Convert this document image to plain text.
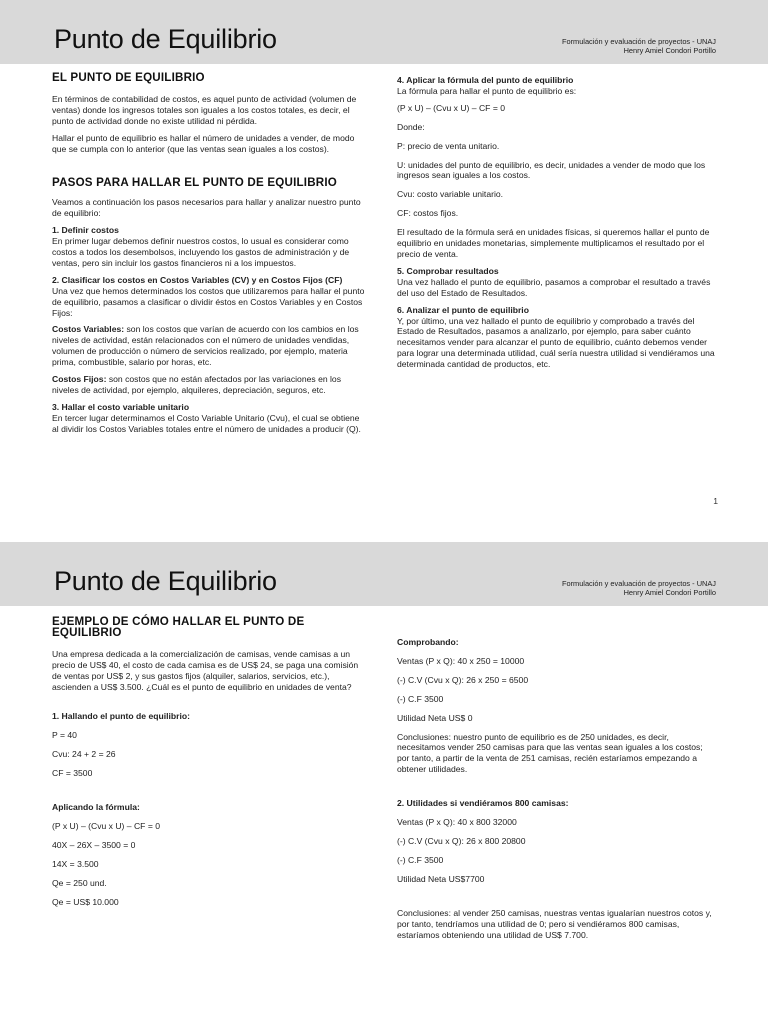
Punto de Equilibrio	Formulación y evaluación de proyectos - UNAJ
Henry Amiel Condori Portillo
EL PUNTO DE EQUILIBRIO

En términos de contabilidad de costos, es aquel punto de actividad (volumen de ventas) donde los ingresos totales son iguales a los costos totales, es decir, el punto de actividad donde no existe utilidad ni pérdida.

Hallar el punto de equilibrio es hallar el número de unidades a vender, de modo que se cumpla con lo anterior (que las ventas sean iguales a los costos).

PASOS PARA HALLAR EL PUNTO DE EQUILIBRIO

Veamos a continuación los pasos necesarios para hallar y analizar nuestro punto de equilibrio:

1. Definir costos

En primer lugar debemos definir nuestros costos, lo usual es considerar como costos a todos los desembolsos, incluyendo los gastos de administración y de ventas, pero sin incluir los gastos financieros ni a los impuestos.

2. Clasificar los costos en Costos Variables (CV) y en Costos Fijos (CF)

Una vez que hemos determinados los costos que utilizaremos para hallar el punto de equilibrio, pasamos a clasificar o dividir éstos en Costos Variables y en Costos Fijos:

Costos Variables: son los costos que varían de acuerdo con los cambios en los niveles de actividad, están relacionados con el número de unidades vendidas, volumen de producción o número de servicios realizado, por ejemplo, materia prima, combustible, salario por horas, etc.

Costos Fijos: son costos que no están afectados por las variaciones en los niveles de actividad, por ejemplo, alquileres, depreciación, seguros, etc.

3. Hallar el costo variable unitario

En tercer lugar determinamos el Costo Variable Unitario (Cvu), el cual se obtiene al dividir los Costos Variables totales entre el número de unidades a producir (Q).

4. Aplicar la fórmula del punto de equilibrio

La fórmula para hallar el punto de equilibrio es:

(P x U) – (Cvu x U) – CF = 0

Donde:

P: precio de venta unitario.

U: unidades del punto de equilibrio, es decir, unidades a vender de modo que los ingresos sean iguales a los costos.

Cvu: costo variable unitario.

CF: costos fijos.

El resultado de la fórmula será en unidades físicas, si queremos hallar el punto de equilibrio en unidades monetarias, simplemente multiplicamos el resultado por el precio de venta.

5. Comprobar resultados

Una vez hallado el punto de equilibrio, pasamos a comprobar el resultado a través del uso del Estado de Resultados.

6. Analizar el punto de equilibrio

Y, por último, una vez hallado el punto de equilibrio y comprobado a través del Estado de Resultados, pasamos a analizarlo, por ejemplo, para saber cuánto necesitamos vender para alcanzar el punto de equilibrio, cuánto debemos vender para lograr una determinada utilidad, cuál sería nuestra utilidad si vendiéramos una determinada cantidad de productos, etc.

1
Punto de Equilibrio	Formulación y evaluación de proyectos - UNAJ
Henry Amiel Condori Portillo
EJEMPLO DE CÓMO HALLAR EL PUNTO DE EQUILIBRIO

Una empresa dedicada a la comercialización de camisas, vende camisas a un precio de US$ 40, el costo de cada camisa es de US$ 24, se paga una comisión de ventas por US$ 2, y sus gastos fijos (alquiler, salarios, servicios, etc.), ascienden a US$ 3.500. ¿Cuál es el punto de equilibrio en unidades de venta?

1. Hallando el punto de equilibrio:

P = 40

Cvu: 24 + 2 = 26

CF = 3500

Aplicando la fórmula:

(P x U) – (Cvu x U) – CF = 0

40X – 26X – 3500 = 0

14X = 3.500

Qe = 250 und.

Qe = US$ 10.000

Comprobando:

Ventas (P x Q): 40 x 250 = 10000

(-) C.V (Cvu x Q): 26 x 250 = 6500

(-) C.F 3500

Utilidad Neta US$ 0

Conclusiones: nuestro punto de equilibrio es de 250 unidades, es decir, necesitamos vender 250 camisas para que las ventas sean iguales a los costos; por tanto, a partir de la venta de 251 camisas, recién estaríamos empezando a obtener utilidades.

2. Utilidades si vendiéramos 800 camisas:

Ventas (P x Q): 40 x 800 32000

(-) C.V (Cvu x Q): 26 x 800 20800

(-) C.F 3500

Utilidad Neta US$7700

Conclusiones: al vender 250 camisas, nuestras ventas igualarían nuestros cotos y, por tanto, tendríamos una utilidad de 0; pero si vendiéramos 800 camisas, estaríamos obteniendo una utilidad de US$ 7.700.
